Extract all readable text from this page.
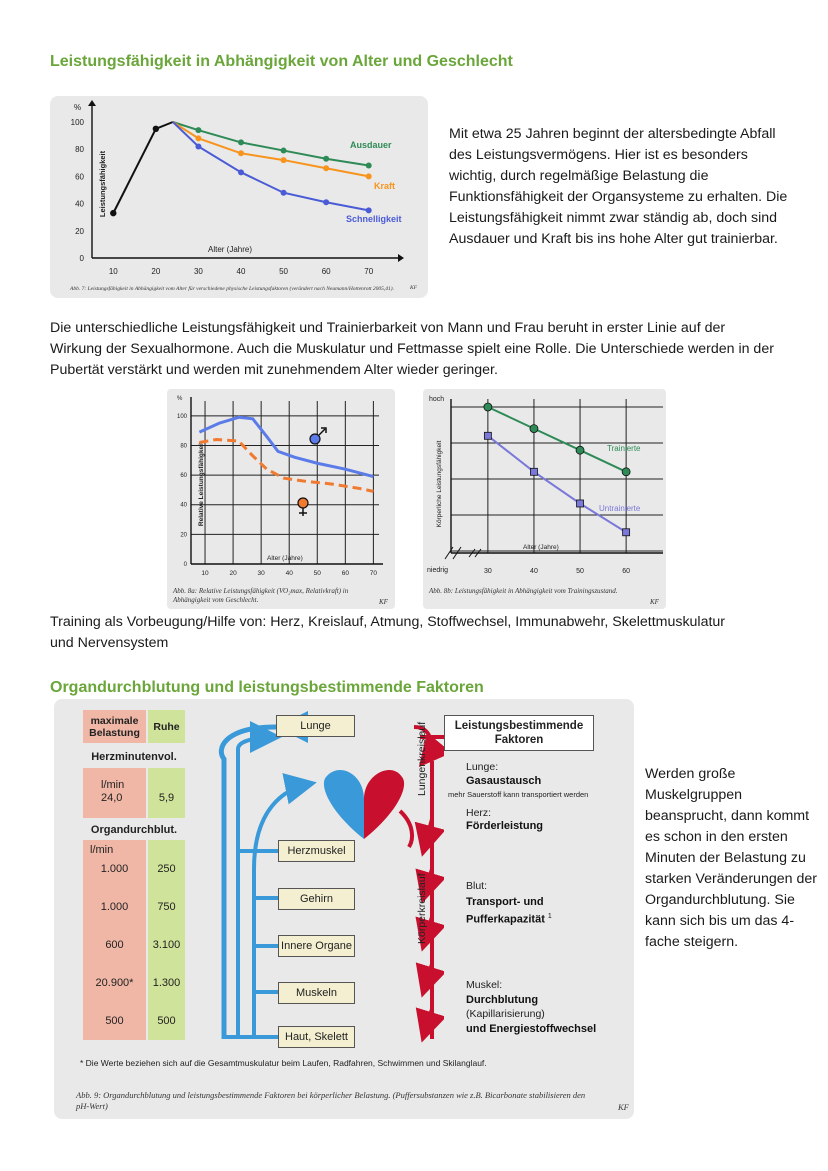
Leistungsfähigkeit in Abhängigkeit von Alter und Geschlecht
%
0
20
40
60
80
100
10	20	30	40	50	60	70
Alter (Jahre)
Leistungsfähigkeit
Ausdauer
Kraft
Schnelligkeit
Abb. 7: Leistungsfähigkeit in Abhängigkeit vom Alter für verschiedene physische Leistungsfaktoren (verändert nach Neumann/Hottenrott 2005,41).	KF
Mit etwa 25 Jahren beginnt der altersbedingte Abfall des Leistungsvermögens. Hier ist es besonders wichtig, durch regelmäßige Belastung die Funktionsfähigkeit der Organsysteme zu erhalten. Die Leistungsfähigkeit nimmt zwar ständig ab, doch sind Ausdauer und Kraft bis ins hohe Alter gut trainierbar.
Die unterschiedliche Leistungsfähigkeit und Trainierbarkeit von Mann und Frau beruht in erster Linie auf der Wirkung der Sexualhormone. Auch die Muskulatur und Fettmasse spielt eine Rolle. Die Unterschiede werden in der Pubertät verstärkt und werden mit zunehmendem Alter wieder geringer.
%
0
20
40
60
80
100
10	20	30	40	50	60	70
Alter (Jahre)
Relative Leistungsfähigkeit
Abb. 8a: Relative Leistungsfähigkeit (VO₂max, Relativkraft) in Abhängigkeit vom Geschlecht.	KF
hoch
niedrig	30	40	50	60
Alter (Jahre)
Körperliche Leistungsfähigkeit	Trainierte
Untrainierte
Abb. 8b: Leistungsfähigkeit in Abhängigkeit vom Trainingszustand.
KF
Training als Vorbeugung/Hilfe von: Herz, Kreislauf, Atmung, Stoffwechsel, Immunabwehr, Skelettmuskulatur und Nervensystem
Organdurchblutung und leistungsbestimmende Faktoren
maximale Belastung	Ruhe
Herzminutenvol.
l/min
24,0	5,9
Organdurchblut.
l/min
1.000	250
1.000	750
600	3.100
20.900*	1.300
500	500
Lunge
Herzmuskel
Gehirn
Innere Organe
Muskeln
Haut, Skelett
Lungenkreislauf
Körperkreislauf
Leistungsbestimmende Faktoren
Lunge:
Gasaustausch
mehr Sauerstoff kann transportiert werden
Herz:
Förderleistung
Blut:
Transport- und
Pufferkapazität $^1$
Muskel:
Durchblutung
(Kapillarisierung)
und Energiestoffwechsel
* Die Werte beziehen sich auf die Gesamtmuskulatur beim Laufen, Radfahren, Schwimmen und Skilanglauf.
Abb. 9: Organdurchblutung und leistungsbestimmende Faktoren bei körperlicher Belastung. (Puffersubstanzen wie z.B. Bicarbonate stabilisieren den pH-Wert)	KF
Werden große Muskelgruppen beansprucht, dann kommt es schon in den ersten Minuten der Belastung zu starken Veränderungen der Organdurchblutung. Sie kann sich bis um das 4-fache steigern.
